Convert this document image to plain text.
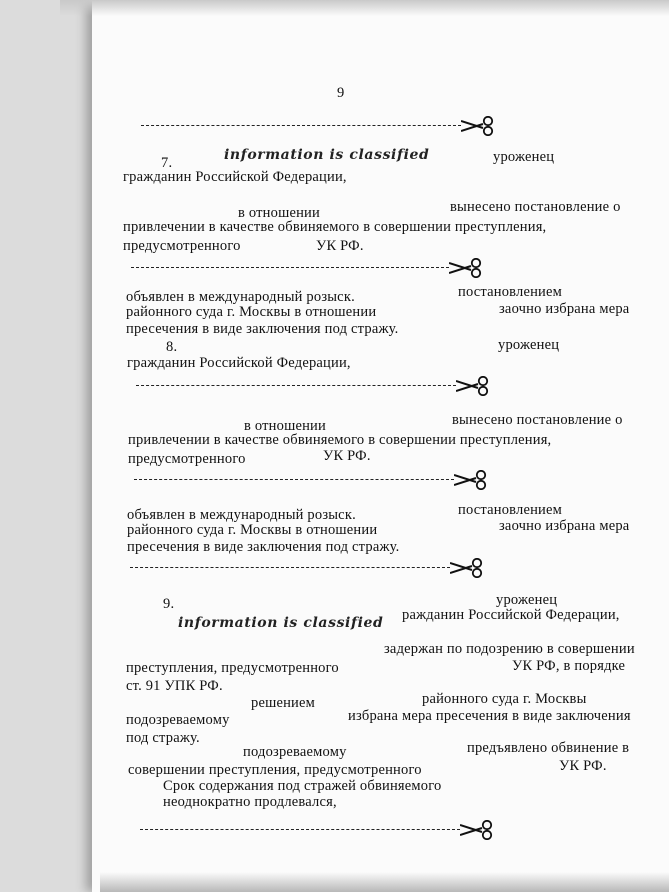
9
7.	information is classified	уроженец
гражданин Российской Федерации,
в отношении	вынесено постановление о
привлечении в качестве обвиняемого в совершении преступления,
предусмотренного	УК РФ.
объявлен в международный розыск.	постановлением
районного суда г. Москвы в отношении	заочно избрана мера
пресечения в виде заключения под стражу.
8.	уроженец
гражданин Российской Федерации,
в отношении	вынесено постановление о
привлечении в качестве обвиняемого в совершении преступления,
предусмотренного	УК РФ.
объявлен в международный розыск.	постановлением
районного суда г. Москвы в отношении	заочно избрана мера
пресечения в виде заключения под стражу.
9.	уроженец
information is classified ражданин Российской Федерации,
задержан по подозрению в совершении
преступления, предусмотренного	УК РФ, в порядке
ст. 91 УПК РФ.
решением	районного суда г. Москвы
подозреваемому	избрана мера пресечения в виде заключения
под стражу.
подозреваемому	предъявлено обвинение в
совершении преступления, предусмотренного	УК РФ.
Срок содержания под стражей обвиняемого
неоднократно продлевался,
